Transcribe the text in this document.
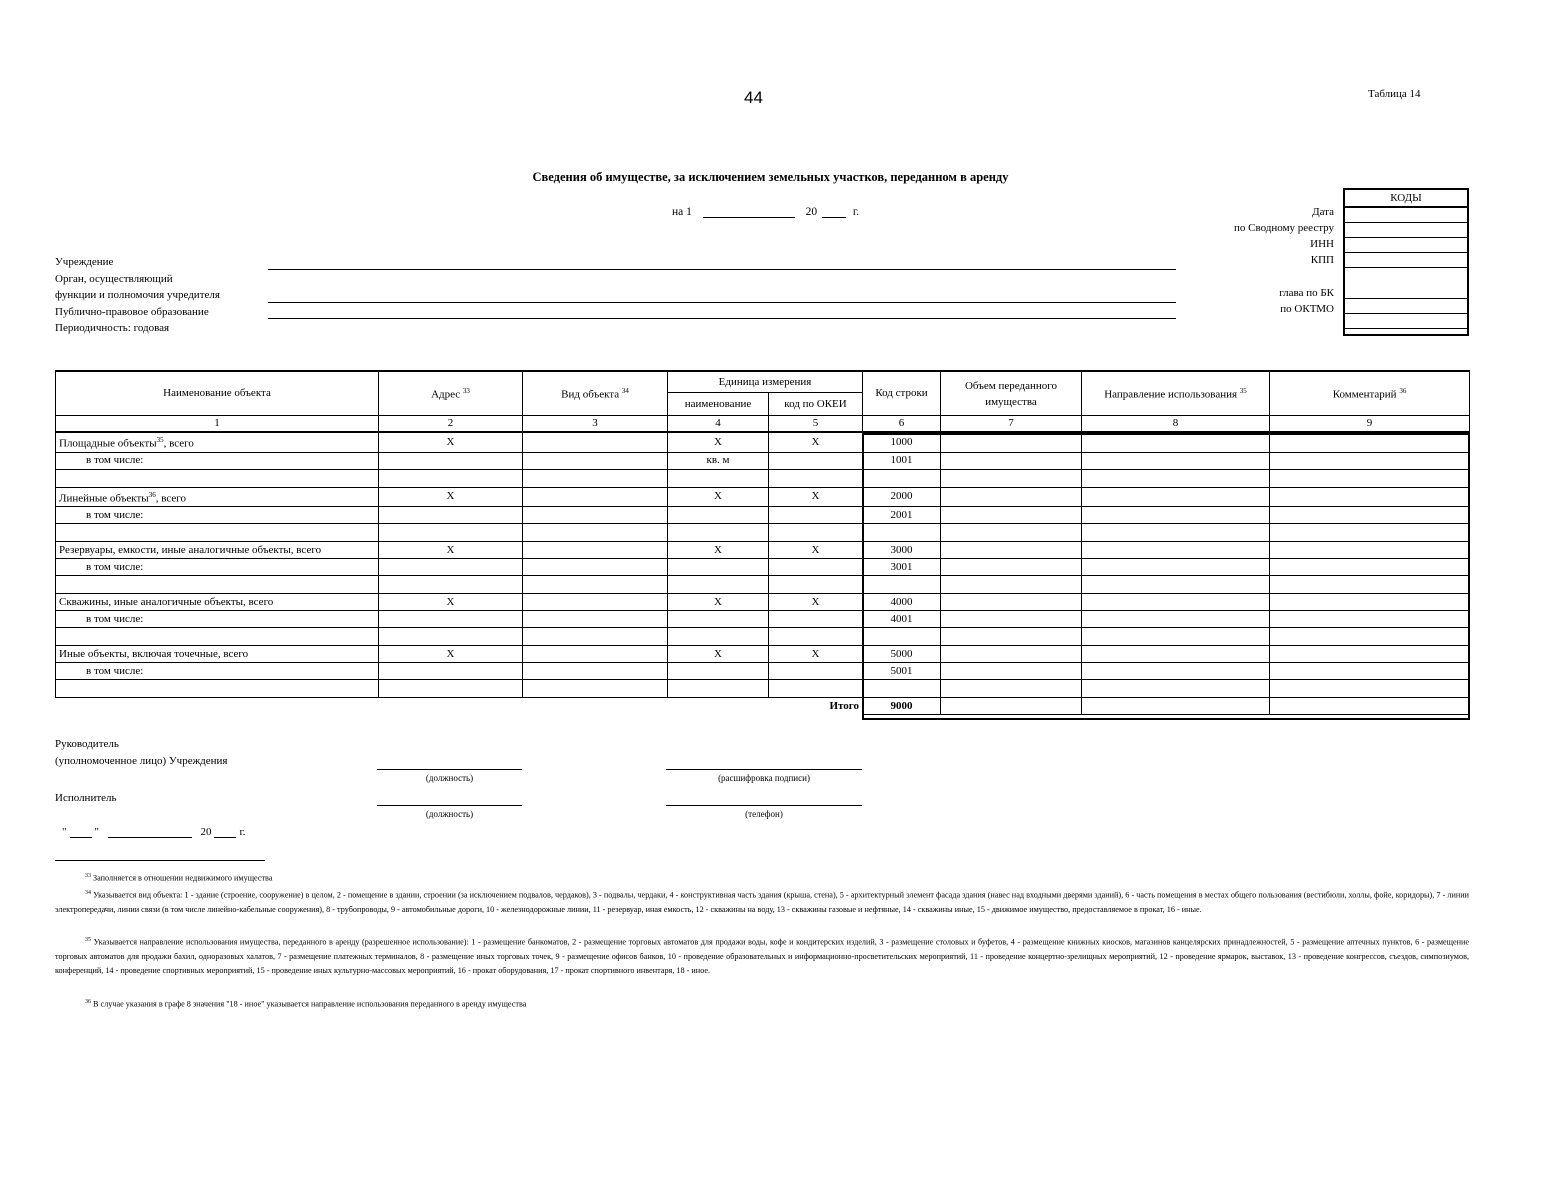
44	Таблица 14
Сведения об имуществе, за исключением земельных участков, переданном в аренду
на 1	20	г.
КОДЫ
Дата
по Сводному реестру
ИНН
КПП
глава по БК
по ОКТМО
Учреждение
Орган, осуществляющий
функции и полномочия учредителя
Публично-правовое образование
Периодичность: годовая
Наименование объекта	Адрес $^{33}$	Вид объекта $^{34}$	Единица измерения		Код строки	Объем переданного имущества	Направление использования $^{35}$	Комментарий $^{36}$
			наименование	код по ОКЕИ				
1	2	3	4	5	6	7	8	9
Площадные объекты$^{35}$, всего	X		X	X	1000			
в том числе:			кв. м		1001			

Линейные объекты$^{36}$, всего	X		X	X	2000			
в том числе:					2001			

Резервуары, емкости, иные аналогичные объекты, всего	X		X	X	3000			
в том числе:					3001			

Скважины, иные аналогичные объекты, всего	X		X	X	4000			
в том числе:					4001			

Иные объекты, включая точечные, всего	X		X	X	5000			
в том числе:					5001			

Итого					9000			
Руководитель
(уполномоченное лицо) Учреждения
(должность)	(расшифровка подписи)
Исполнитель
(должность)	(телефон)
"	"	20	г.
$^{33}$ Заполняется в отношении недвижимого имущества
$^{34}$ Указывается вид объекта: 1 - здание (строение, сооружение) в целом, 2 - помещение в здании, строении (за исключением подвалов, чердаков), 3 - подвалы, чердаки, 4 - конструктивная часть здания (крыша, стена), 5 - архитектурный элемент фасада здания (навес над входными дверями зданий), 6 - часть помещения в местах общего пользования (вестибюли, холлы, фойе, коридоры), 7 - линии электропередачи, линии связи (в том числе линейно-кабельные сооружения), 8 - трубопроводы, 9 - автомобильные дороги, 10 - железнодорожные линии, 11 - резервуар, иная емкость, 12 - скважины на воду, 13 - скважины газовые и нефтяные, 14 - скважины иные, 15 - движимое имущество, предоставляемое в прокат, 16 - иные.
$^{35}$ Указывается направление использования имущества, переданного в аренду (разрешенное использование): 1 - размещение банкоматов, 2 - размещение торговых автоматов для продажи воды, кофе и кондитерских изделий, 3 - размещение столовых и буфетов, 4 - размещение книжных киосков, магазинов канцелярских принадлежностей, 5 - размещение аптечных пунктов, 6 - размещение торговых автоматов для продажи бахил, одноразовых халатов, 7 - размещение платежных терминалов, 8 - размещение иных торговых точек, 9 - размещение офисов банков, 10 - проведение образовательных и информационно-просветительских мероприятий, 11 - проведение концертно-зрелищных мероприятий, 12 - проведение ярмарок, выставок, 13 - проведение конгрессов, съездов, симпозиумов, конференций, 14 - проведение спортивных мероприятий, 15 - проведение иных культурно-массовых мероприятий, 16 - прокат оборудования, 17 - прокат спортивного инвентаря, 18 - иное.
$^{36}$ В случае указания в графе 8 значения "18 - иное" указывается направление использования переданного в аренду имущества
